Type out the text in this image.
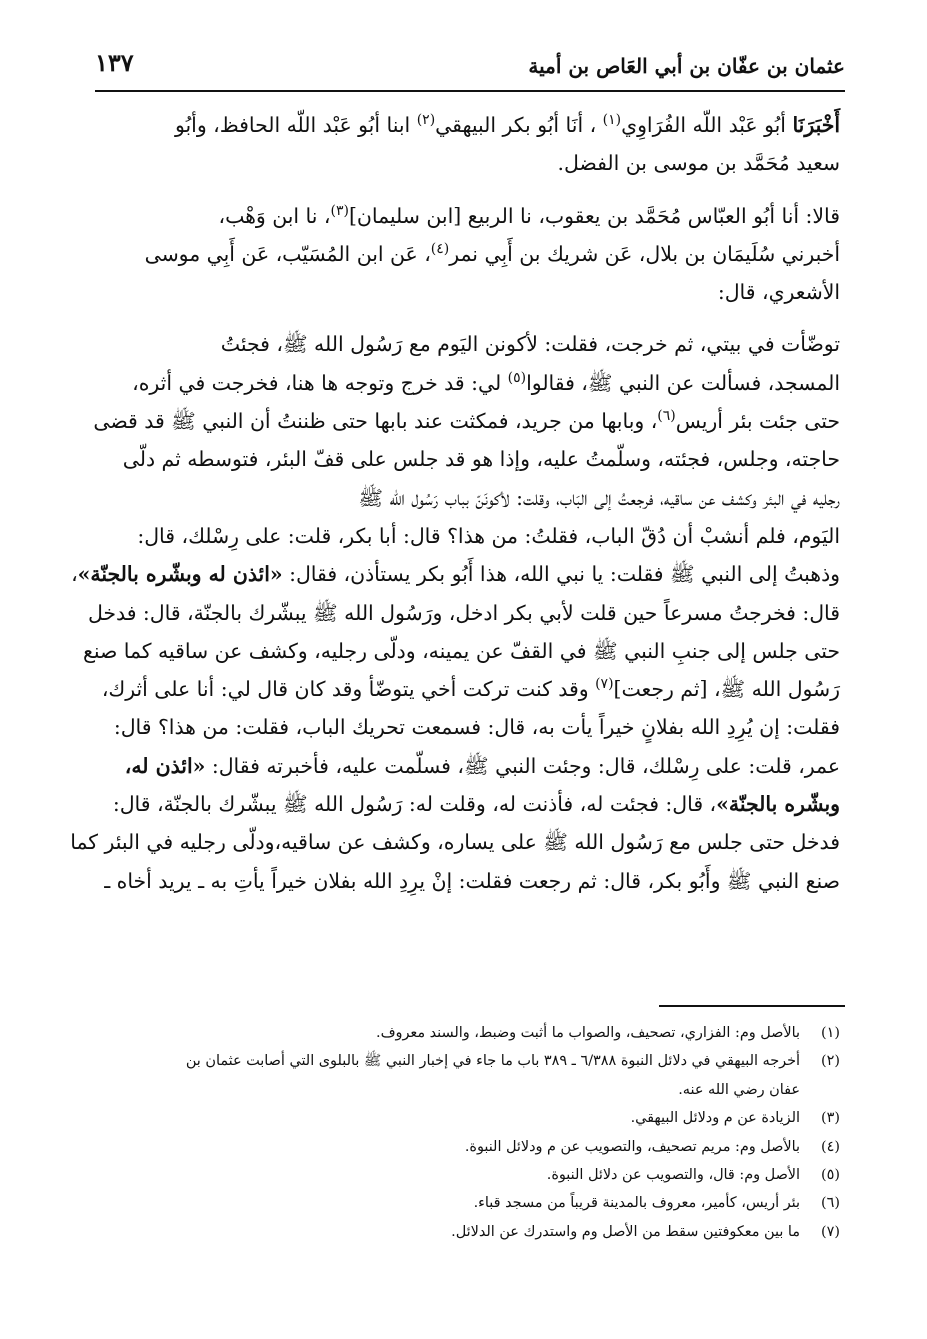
عثمان بن عفّان بن أبي العَاص بن أمية
١٣٧

أَخْبَرَنَا أبُو عَبْد اللّه الفُرَاوِي$^{(١)}$ ، أنَا أبُو بكر البيهقي$^{(٢)}$ ابنا أبُو عَبْد اللّه الحافظ، وأبُو
سعيد مُحَمَّد بن موسى بن الفضل.

قالا: أنا أبُو العبّاس مُحَمَّد بن يعقوب، نا الربيع [ابن سليمان]$^{(٣)}$، نا ابن وَهْب،
أخبرني سُلَيمَان بن بلال، عَن شريك بن أَبِي نمر$^{(٤)}$، عَن ابن المُسَيّب، عَن أَبِي موسى
الأشعري، قال:

توضّأت في بيتي، ثم خرجت، فقلت: لأكونن اليَوم مع رَسُول الله ﷺ، فجئتُ
المسجد، فسألت عن النبي ﷺ، فقالوا$^{(٥)}$ لي: قد خرج وتوجه ها هنا، فخرجت في أثره،
حتى جئت بئر أريس$^{(٦)}$، وبابها من جريد، فمكثت عند بابها حتى ظننتُ أن النبي ﷺ قد قضى
حاجته، وجلس، فجئته، وسلّمتُ عليه، وإذا هو قد جلس على قفّ البئر، فتوسطه ثم دلّى
رجليه في البئر وكشف عن ساقيه، فرجعتُ إلى البَاب، وقلت: لأكونَنّ بباب رَسُول الله ﷺ
اليَوم، فلم أنشبْ أن دُقّ الباب، فقلتُ: من هذا؟ قال: أبا بكر، قلت: على رِسْلك، قال:
وذهبتُ إلى النبي ﷺ فقلت: يا نبي الله، هذا أَبُو بكر يستأذن، فقال: «ائذن له وبشّره بالجنّة»،
قال: فخرجتُ مسرعاً حين قلت لأبي بكر ادخل، ورَسُول الله ﷺ يبشّرك بالجنّة، قال: فدخل
حتى جلس إلى جنبِ النبي ﷺ في القفّ عن يمينه، ودلّى رجليه، وكشف عن ساقيه كما صنع
رَسُول الله ﷺ، [ثم رجعت]$^{(٧)}$ وقد كنت تركت أخي يتوضّأ وقد كان قال لي: أنا على أثرك،
فقلت: إن يُرِدِ الله بفلانٍ خيراً يأت به، قال: فسمعت تحريك الباب، فقلت: من هذا؟ قال:
عمر، قلت: على رِسْلك، قال: وجئت النبي ﷺ، فسلّمت عليه، فأخبرته فقال: «ائذن له،
وبشّره بالجنّة»، قال: فجئت له، فأذنت له، وقلت له: رَسُول الله ﷺ يبشّرك بالجنّة، قال:
فدخل حتى جلس مع رَسُول الله ﷺ على يساره، وكشف عن ساقيه،ودلّى رجليه في البئر كما
صنع النبي ﷺ وأَبُو بكر، قال: ثم رجعت فقلت: إنْ يرِدِ الله بفلان خيراً يأتِ به ـ يريد أخاه ـ

(١)
بالأصل وم: الفزاري، تصحيف، والصواب ما أثبت وضبط، والسند معروف.
(٢)
أخرجه البيهقي في دلائل النبوة ٦/٣٨٨ ـ ٣٨٩ باب ما جاء في إخبار النبي ﷺ بالبلوى التي أصابت عثمان بن
عفان رضي الله عنه.
(٣)
الزيادة عن م ودلائل البيهقي.
(٤)
بالأصل وم: مريم تصحيف، والتصويب عن م ودلائل النبوة.
(٥)
الأصل وم: قال، والتصويب عن دلائل النبوة.
(٦)
بئر أريس، كأمير، معروف بالمدينة قريباً من مسجد قباء.
(٧)
ما بين معكوفتين سقط من الأصل وم واستدرك عن الدلائل.
